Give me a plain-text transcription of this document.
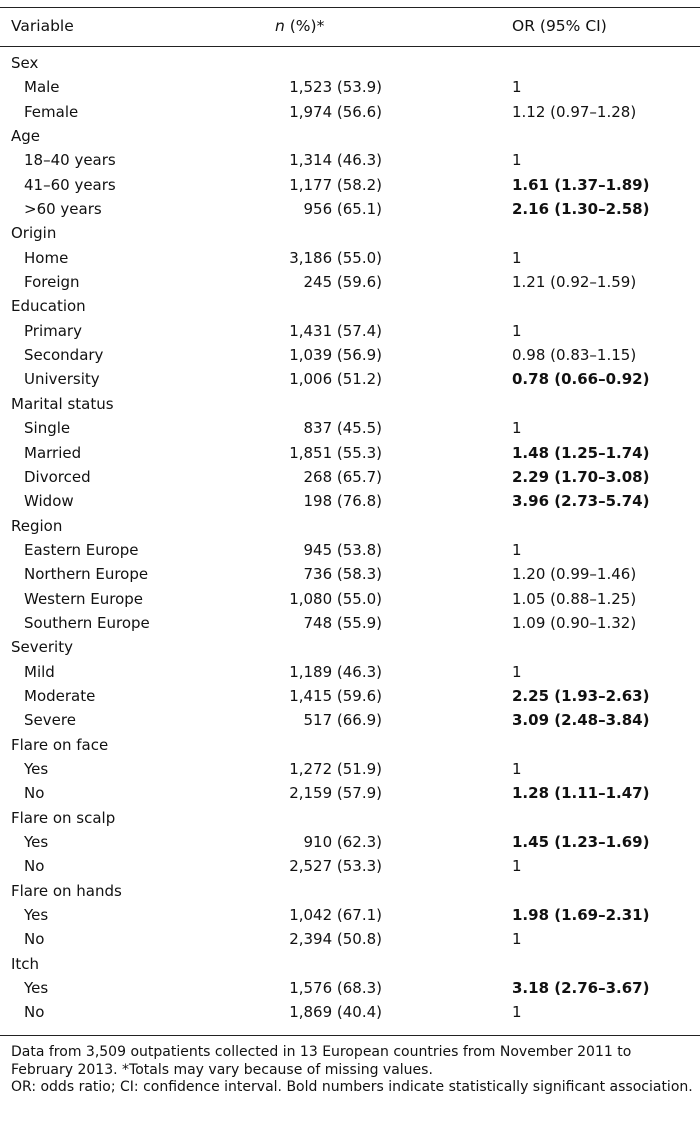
Variable	n (%)*	OR (95% CI)
Sex
Male	1,523 (53.9)	1
Female	1,974 (56.6)	1.12 (0.97–1.28)
Age
18–40 years	1,314 (46.3)	1
41–60 years	1,177 (58.2)	1.61 (1.37–1.89)
>60 years	956 (65.1)	2.16 (1.30–2.58)
Origin
Home	3,186 (55.0)	1
Foreign	245 (59.6)	1.21 (0.92–1.59)
Education
Primary	1,431 (57.4)	1
Secondary	1,039 (56.9)	0.98 (0.83–1.15)
University	1,006 (51.2)	0.78 (0.66–0.92)
Marital status
Single	837 (45.5)	1
Married	1,851 (55.3)	1.48 (1.25–1.74)
Divorced	268 (65.7)	2.29 (1.70–3.08)
Widow	198 (76.8)	3.96 (2.73–5.74)
Region
Eastern Europe	945 (53.8)	1
Northern Europe	736 (58.3)	1.20 (0.99–1.46)
Western Europe	1,080 (55.0)	1.05 (0.88–1.25)
Southern Europe	748 (55.9)	1.09 (0.90–1.32)
Severity
Mild	1,189 (46.3)	1
Moderate	1,415 (59.6)	2.25 (1.93–2.63)
Severe	517 (66.9)	3.09 (2.48–3.84)
Flare on face
Yes	1,272 (51.9)	1
No	2,159 (57.9)	1.28 (1.11–1.47)
Flare on scalp
Yes	910 (62.3)	1.45 (1.23–1.69)
No	2,527 (53.3)	1
Flare on hands
Yes	1,042 (67.1)	1.98 (1.69–2.31)
No	2,394 (50.8)	1
Itch
Yes	1,576 (68.3)	3.18 (2.76–3.67)
No	1,869 (40.4)	1

Data from 3,509 outpatients collected in 13 European countries from November 2011 to February 2013. *Totals may vary because of missing values.

OR: odds ratio; CI: confidence interval. Bold numbers indicate statistically significant association.
